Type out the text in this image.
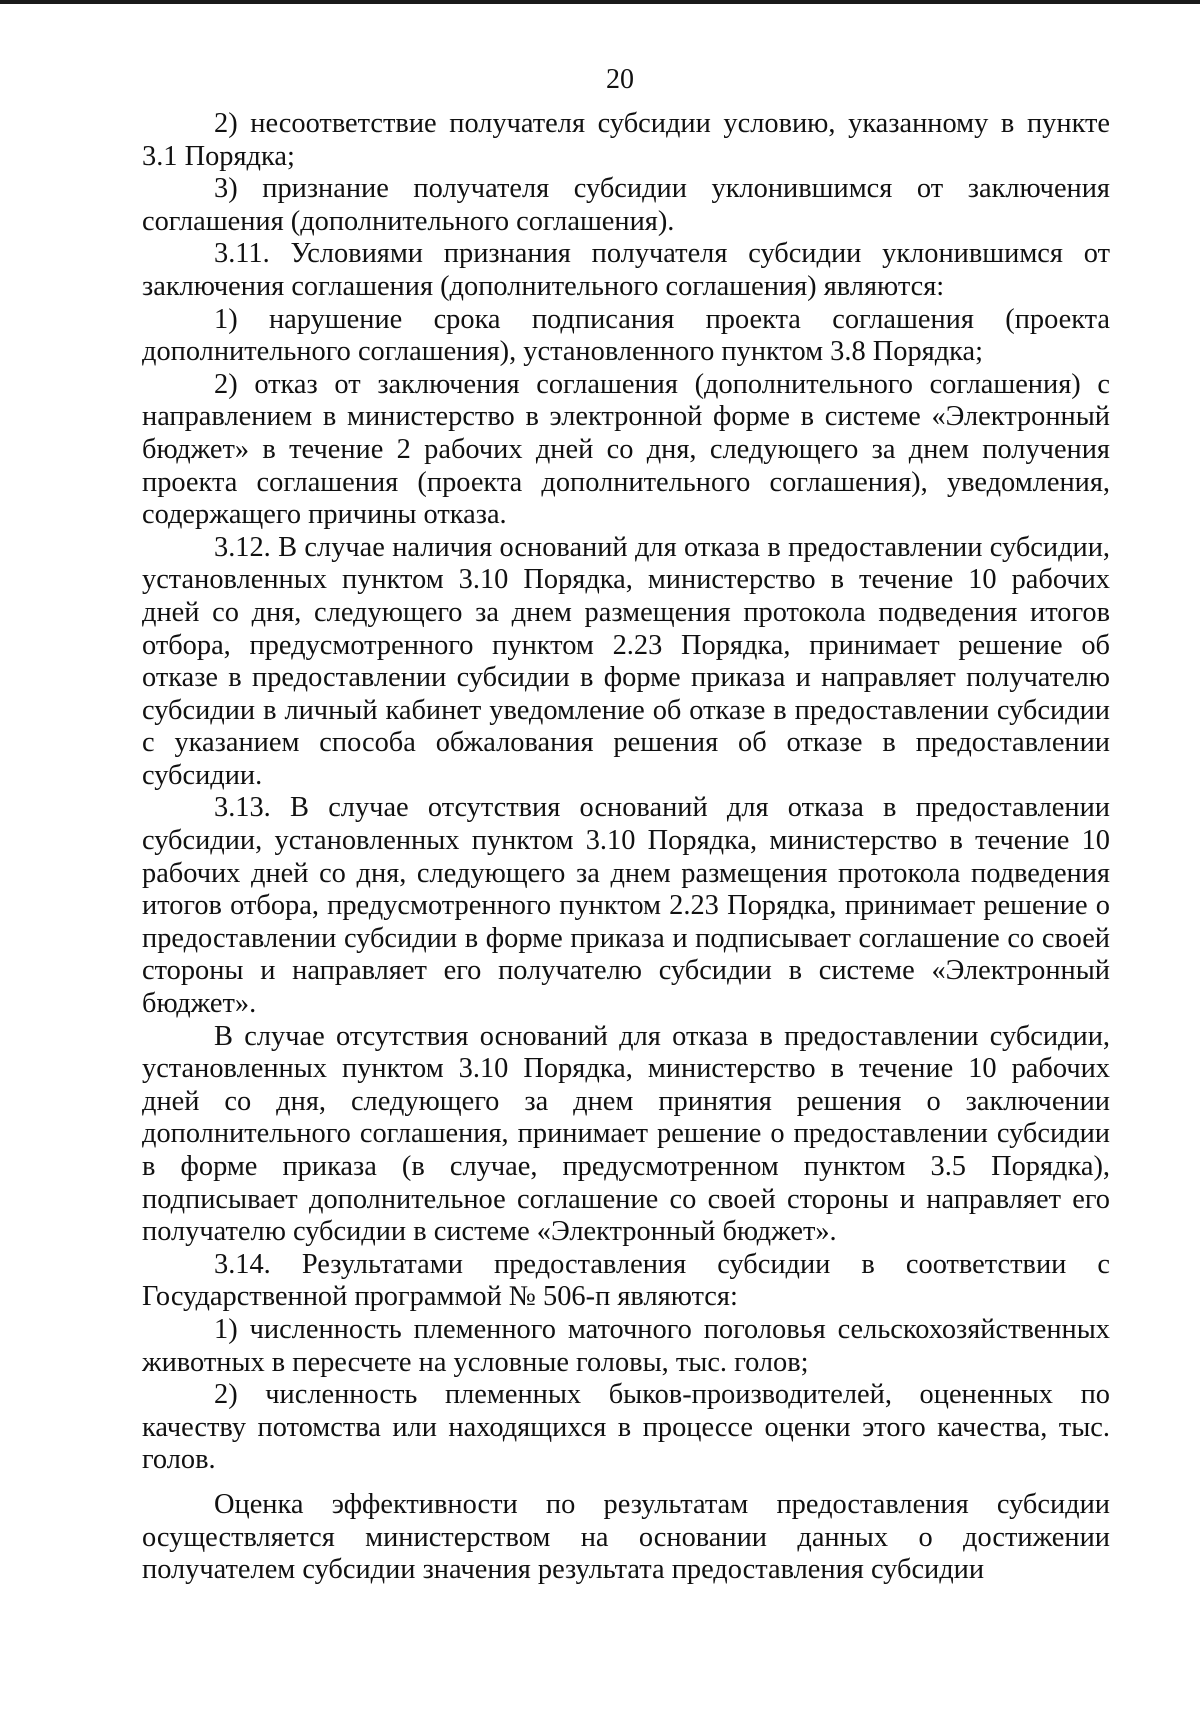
20

2) несоответствие получателя субсидии условию, указанному в пункте 3.1 Порядка;

3) признание получателя субсидии уклонившимся от заключения соглашения (дополнительного соглашения).

3.11. Условиями признания получателя субсидии уклонившимся от заключения соглашения (дополнительного соглашения) являются:

1) нарушение срока подписания проекта соглашения (проекта дополнительного соглашения), установленного пунктом 3.8 Порядка;

2) отказ от заключения соглашения (дополнительного соглашения) с направлением в министерство в электронной форме в системе «Электронный бюджет» в течение 2 рабочих дней со дня, следующего за днем получения проекта соглашения (проекта дополнительного соглашения), уведомления, содержащего причины отказа.

3.12. В случае наличия оснований для отказа в предоставлении субсидии, установленных пунктом 3.10 Порядка, министерство в течение 10 рабочих дней со дня, следующего за днем размещения протокола подведения итогов отбора, предусмотренного пунктом 2.23 Порядка, принимает решение об отказе в предоставлении субсидии в форме приказа и направляет получателю субсидии в личный кабинет уведомление об отказе в предоставлении субсидии с указанием способа обжалования решения об отказе в предоставлении субсидии.

3.13. В случае отсутствия оснований для отказа в предоставлении субсидии, установленных пунктом 3.10 Порядка, министерство в течение 10 рабочих дней со дня, следующего за днем размещения протокола подведения итогов отбора, предусмотренного пунктом 2.23 Порядка, принимает решение о предоставлении субсидии в форме приказа и подписывает соглашение со своей стороны и направляет его получателю субсидии в системе «Электронный бюджет».

В случае отсутствия оснований для отказа в предоставлении субсидии, установленных пунктом 3.10 Порядка, министерство в течение 10 рабочих дней со дня, следующего за днем принятия решения о заключении дополнительного соглашения, принимает решение о предоставлении субсидии в форме приказа (в случае, предусмотренном пунктом 3.5 Порядка), подписывает дополнительное соглашение со своей стороны и направляет его получателю субсидии в системе «Электронный бюджет».

3.14. Результатами предоставления субсидии в соответствии с Государственной программой № 506-п являются:

1) численность племенного маточного поголовья сельскохозяйственных животных в пересчете на условные головы, тыс. голов;

2) численность племенных быков-производителей, оцененных по качеству потомства или находящихся в процессе оценки этого качества, тыс. голов.

Оценка эффективности по результатам предоставления субсидии осуществляется министерством на основании данных о достижении получателем субсидии значения результата предоставления субсидии
